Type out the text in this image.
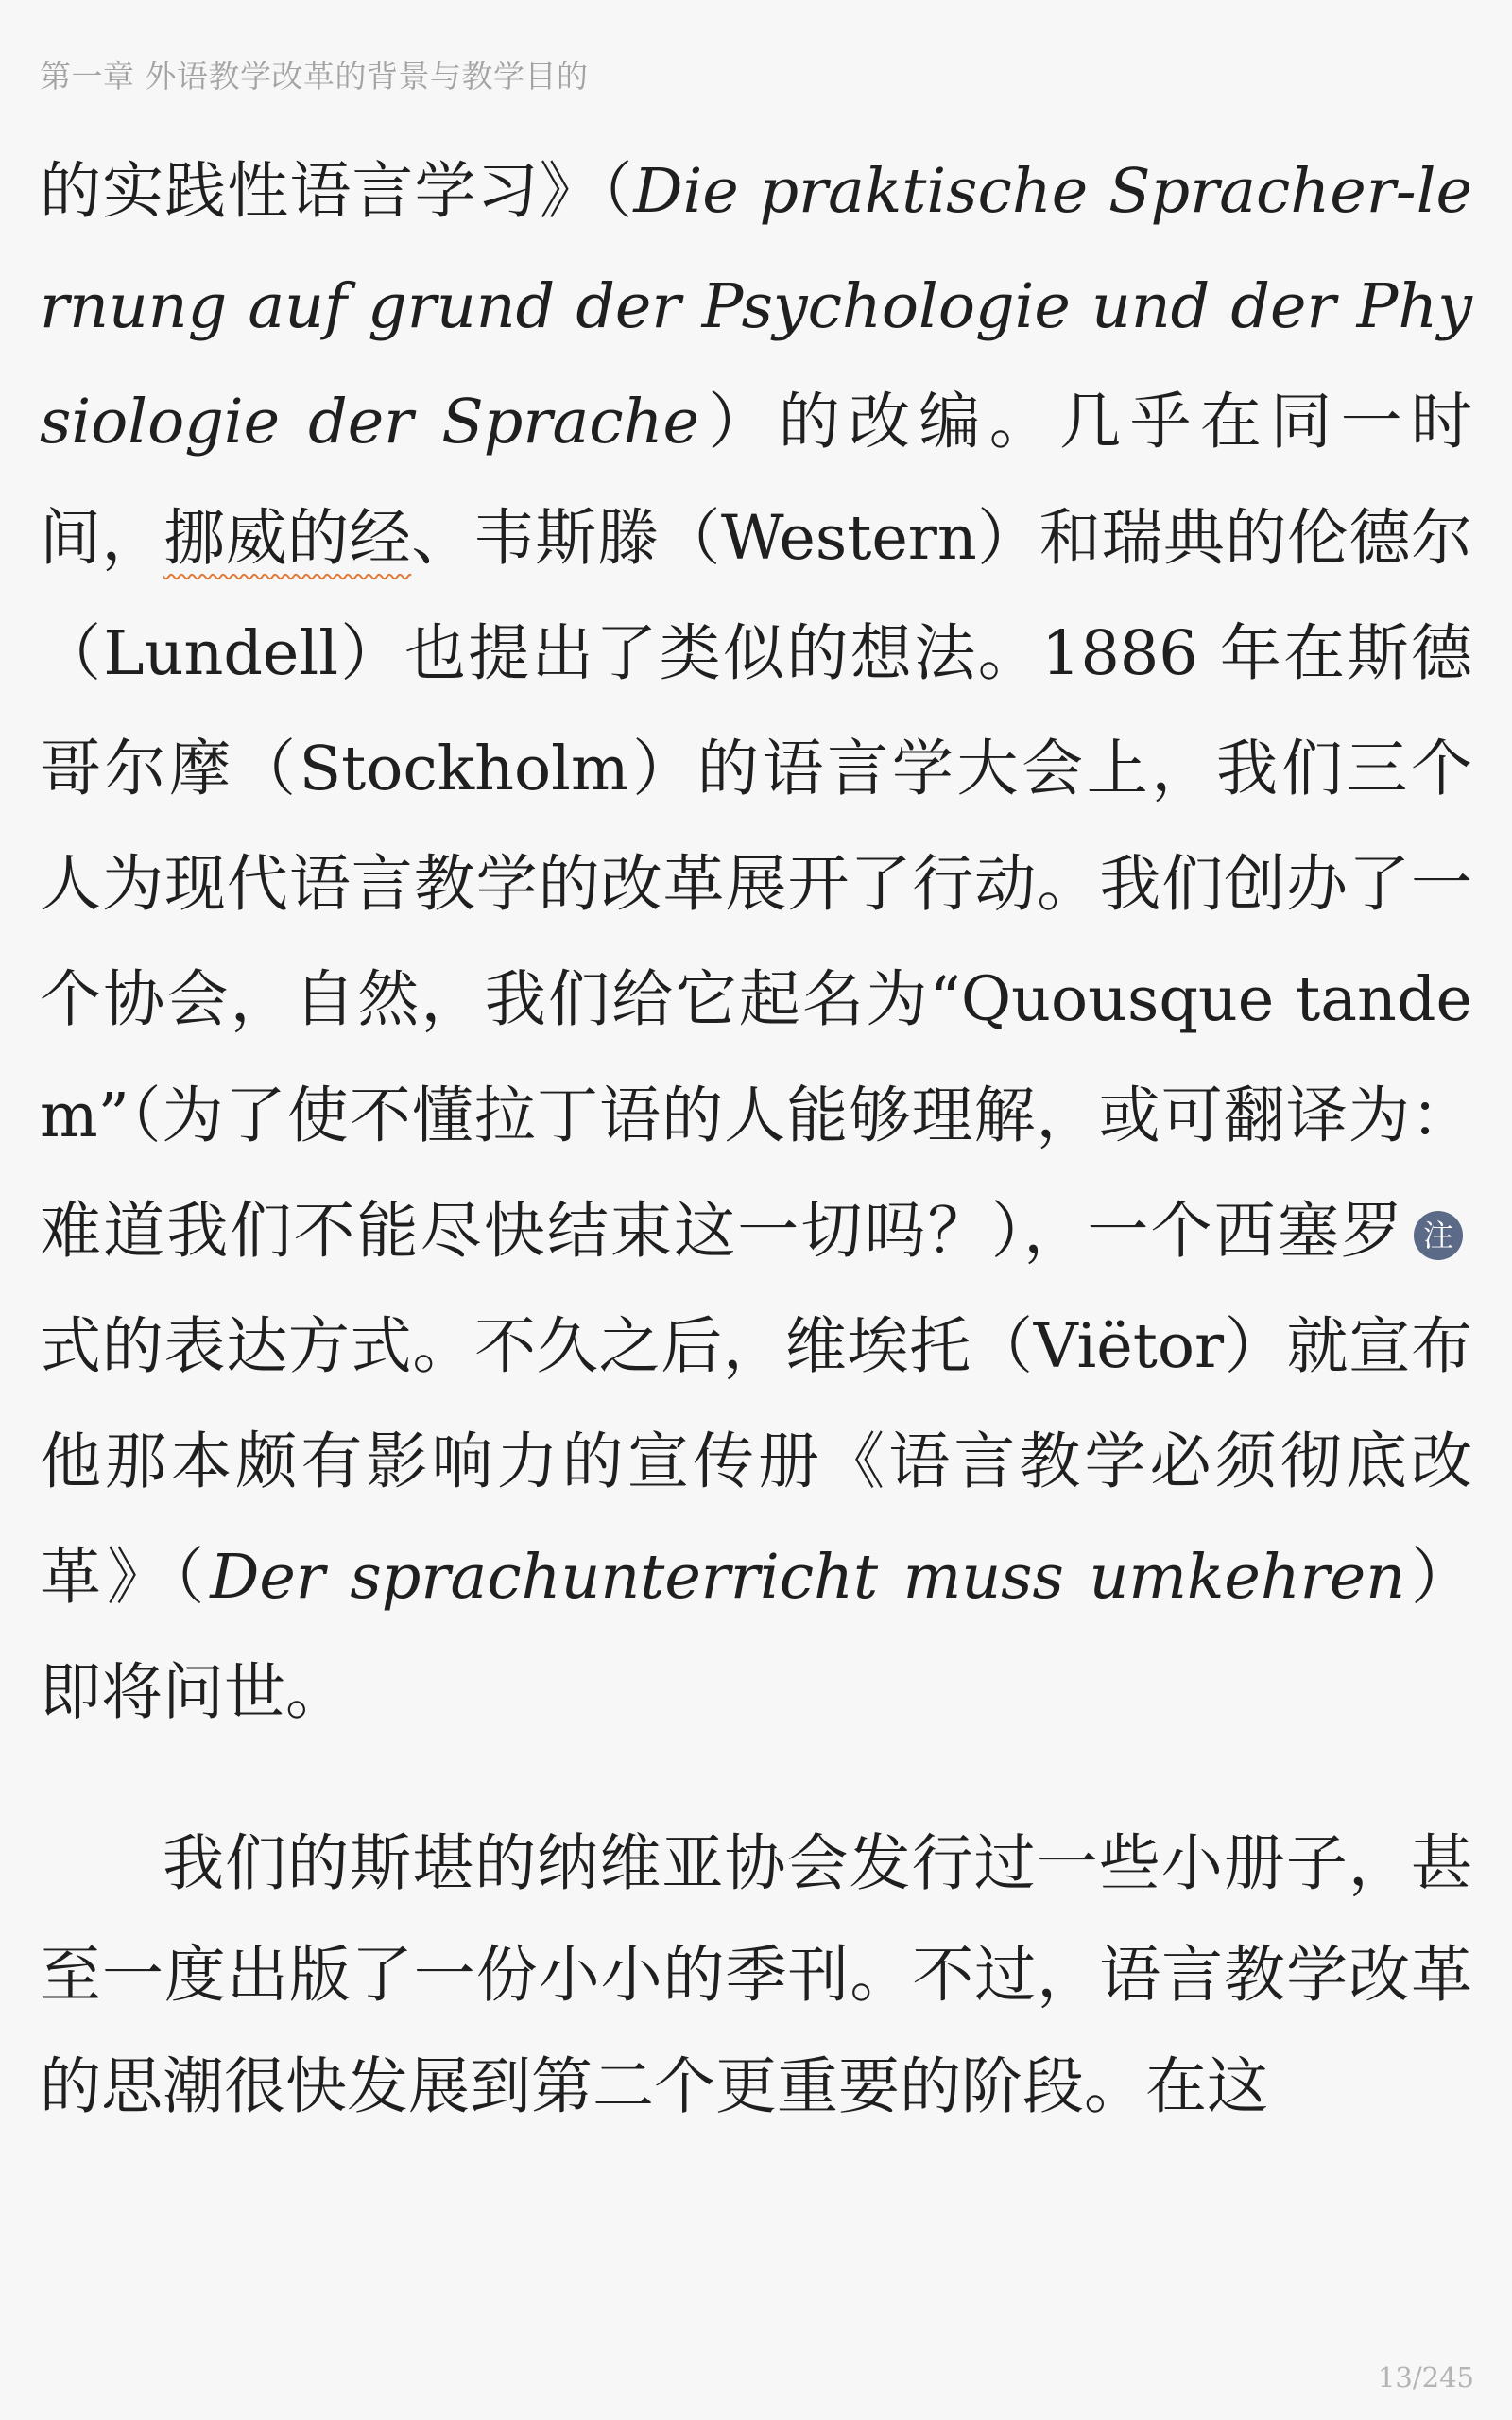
第一章 外语教学改革的背景与教学目的

的实践性语言学习》（Die praktische Spracher-lernung auf grund der Psychologie und der Physiologie der Sprache）的改编。几乎在同一时间，挪威的经、韦斯滕（Western）和瑞典的伦德尔（Lundell）也提出了类似的想法。1886 年在斯德哥尔摩（Stockholm）的语言学大会上，我们三个人为现代语言教学的改革展开了行动。我们创办了一个协会，自然，我们给它起名为“Quousque tandem”（为了使不懂拉丁语的人能够理解，或可翻译为：难道我们不能尽快结束这一切吗？），一个西塞罗 注式的表达方式。不久之后，维埃托（Viëtor）就宣布他那本颇有影响力的宣传册《语言教学必须彻底改革》（Der sprachunterricht muss umkehren）即将问世。

我们的斯堪的纳维亚协会发行过一些小册子，甚至一度出版了一份小小的季刊。不过，语言教学改革的思潮很快发展到第二个更重要的阶段。在这

13/245
